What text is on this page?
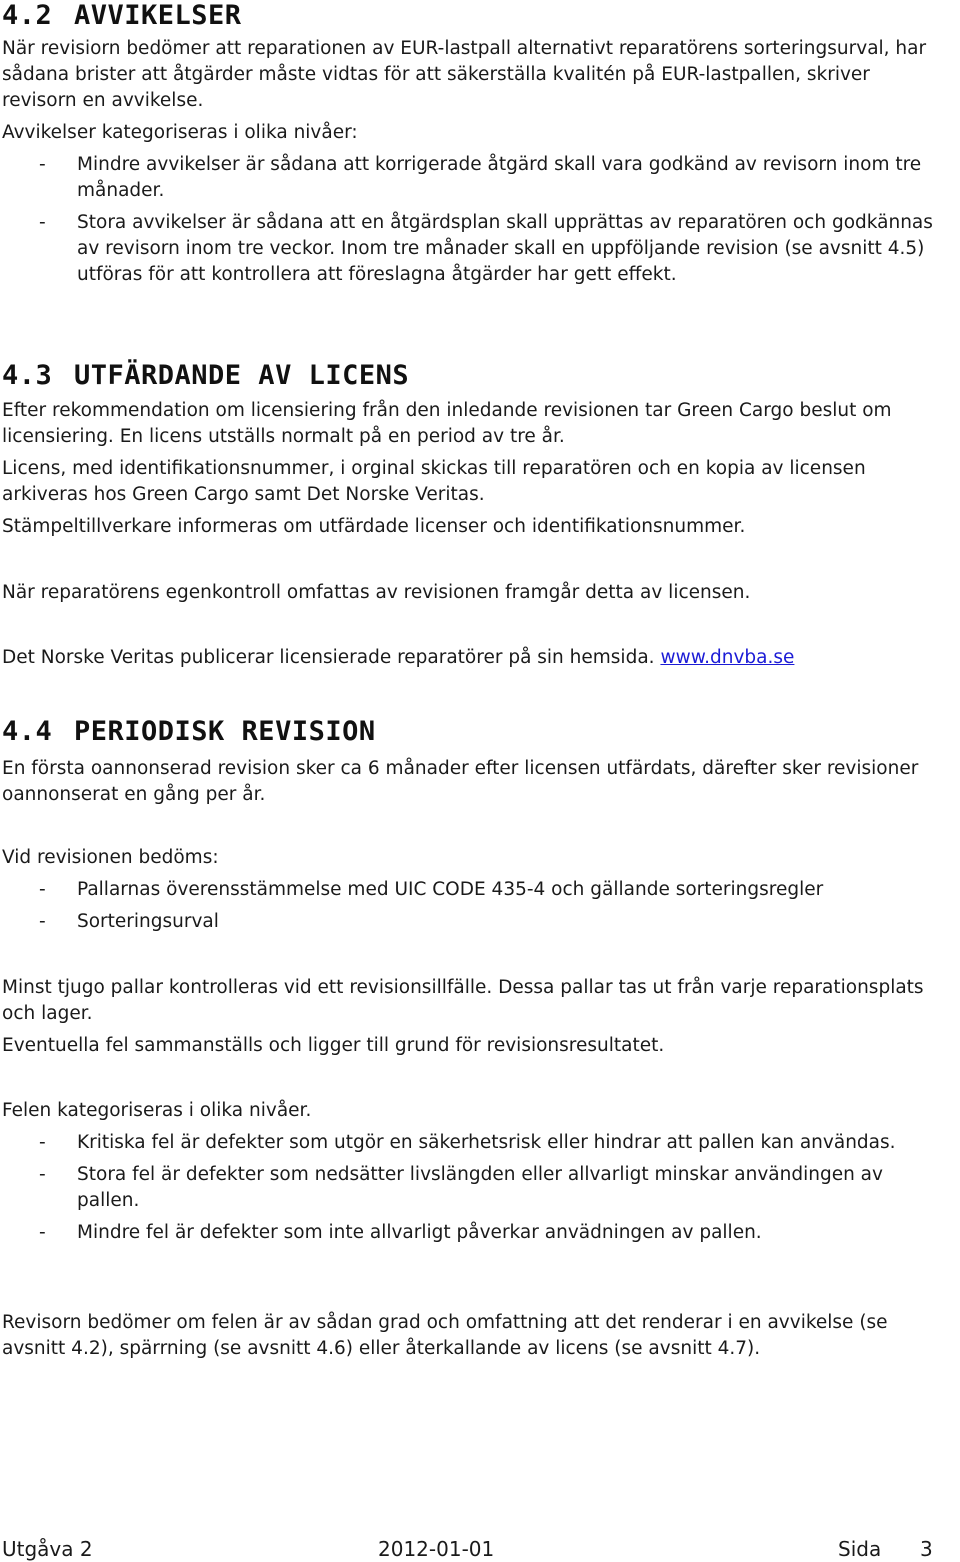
4.2 AVVIKELSER

När revisiorn bedömer att reparationen av EUR-lastpall alternativt reparatörens sorteringsurval, har sådana brister att åtgärder måste vidtas för att säkerställa kvalitén på EUR-lastpallen, skriver revisorn en avvikelse.

Avvikelser kategoriseras i olika nivåer:

- Mindre avvikelser är sådana att korrigerade åtgärd skall vara godkänd av revisorn inom tre månader.
- Stora avvikelser är sådana att en åtgärdsplan skall upprättas av reparatören och godkännas av revisorn inom tre veckor. Inom tre månader skall en uppföljande revision (se avsnitt 4.5) utföras för att kontrollera att föreslagna åtgärder har gett effekt.
4.3 UTFÄRDANDE AV LICENS

Efter rekommendation om licensiering från den inledande revisionen tar Green Cargo beslut om licensiering. En licens utställs normalt på en period av tre år.

Licens, med identifikationsnummer, i orginal skickas till reparatören och en kopia av licensen arkiveras hos Green Cargo samt Det Norske Veritas.

Stämpeltillverkare informeras om utfärdade licenser och identifikationsnummer.

När reparatörens egenkontroll omfattas av revisionen framgår detta av licensen.

Det Norske Veritas publicerar licensierade reparatörer på sin hemsida. www.dnvba.se

4.4 PERIODISK REVISION

En första oannonserad revision sker ca 6 månader efter licensen utfärdats, därefter sker revisioner oannonserat en gång per år.

Vid revisionen bedöms:

- Pallarnas överensstämmelse med UIC CODE 435-4 och gällande sorteringsregler
- Sorteringsurval

Minst tjugo pallar kontrolleras vid ett revisionsillfälle. Dessa pallar tas ut från varje reparationsplats och lager.

Eventuella fel sammanställs och ligger till grund för revisionsresultatet.

Felen kategoriseras i olika nivåer.

- Kritiska fel är defekter som utgör en säkerhetsrisk eller hindrar att pallen kan användas.
- Stora fel är defekter som nedsätter livslängden eller allvarligt minskar användingen av pallen.
- Mindre fel är defekter som inte allvarligt påverkar anvädningen av pallen.

Revisorn bedömer om felen är av sådan grad och omfattning att det renderar i en avvikelse (se avsnitt 4.2), spärrning (se avsnitt 4.6) eller återkallande av licens (se avsnitt 4.7).

Utgåva 2	2012-01-01	Sida 3
